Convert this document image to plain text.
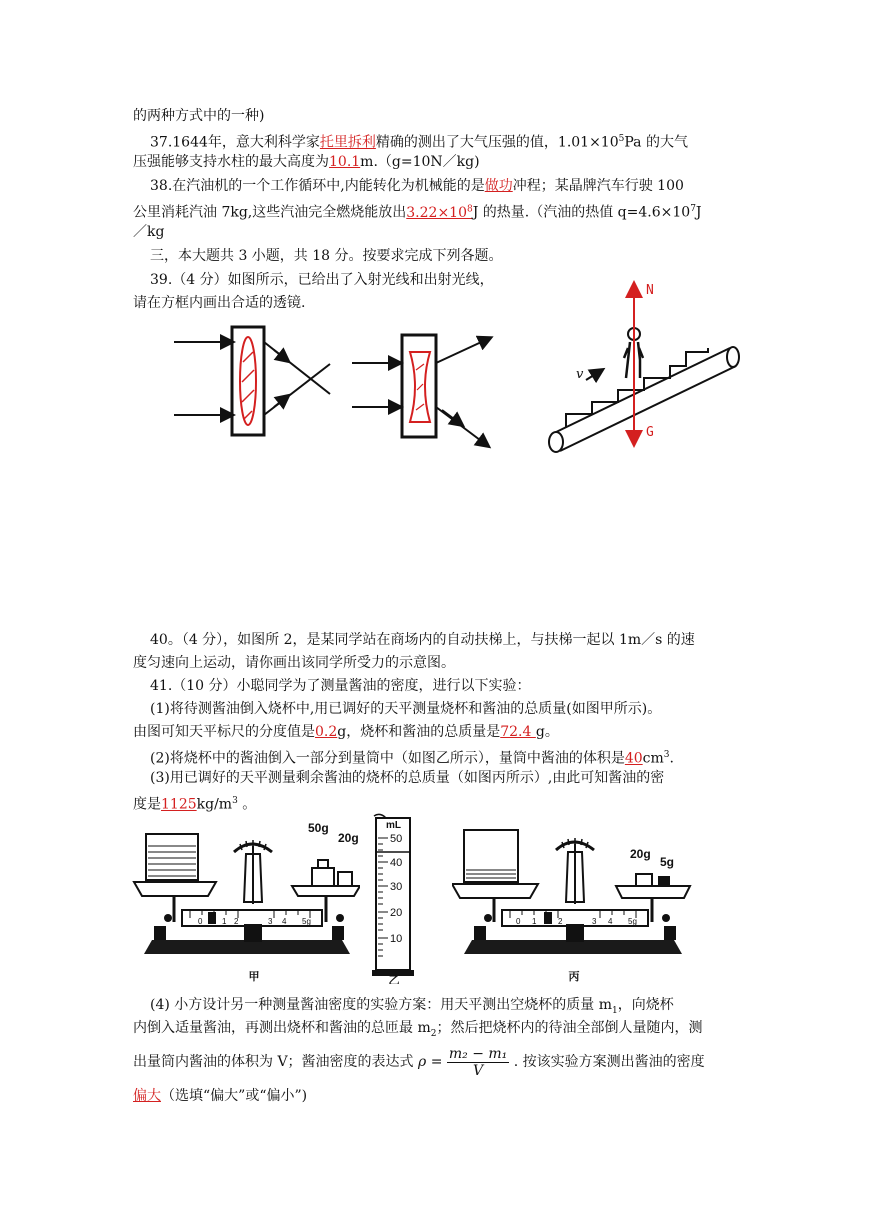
的两种方式中的一种)
37.1644年，意大利科学家托里拆利精确的测出了大气压强的值，$1.01\times 10^5Pa$ 的大气
压强能够支持水柱的最大高度为10.1m.（g=10N／kg)
38.在汽油机的一个工作循环中,内能转化为机械能的是做功冲程；某晶牌汽车行驶 100
公里消耗汽油 7kg,这些汽油完全燃烧能放出$3.22\times 10^8J$ 的热量.（汽油的热值 $q=4.6\times 10^7J$
／kg
三，本大题共 3 小题，共 18 分。按要求完成下列各题。
39.（4 分）如图所示，已给出了入射光线和出射光线，
请在方框内画出合适的透镜.
v
N
G
40。（4 分），如图所 2，是某同学站在商场内的自动扶梯上，与扶梯一起以 1m／s 的速
度匀速向上运动，请你画出该同学所受力的示意图。
41.（10 分）小聪同学为了测量酱油的密度，进行以下实验：
(1)将待测酱油倒入烧杯中,用已调好的天平测量烧杯和酱油的总质量(如图甲所示)。
由图可知天平标尺的分度值是0.2g，烧杯和酱油的总质量是72.4 g。
(2)将烧杯中的酱油倒入一部分到量筒中（如图乙所示），量筒中酱油的体积是$40cm^3$.
(3)用已调好的天平测量剩余酱油的烧杯的总质量（如图丙所示）,由此可知酱油的密
度是$1125kg/m^3$ 。
50g
20g
0 1 2	3 4 5g
甲
mL
50
40
30
20
10
乙
20g
5g
0 1	2	3 4 5g
丙
(4) 小方设计另一种测量酱油密度的实验方案：用天平测出空烧杯的质量 $m_1$，向烧杯
内倒入适量酱油，再测出烧杯和酱油的总匝最 $m_2$；然后把烧杯内的待油全部倒人量随内，测
出量筒内酱油的体积为 V；酱油密度的表达式 $\rho = \frac{\text{m₂ − m₁}}{V}$ . 按该实验方案测出酱油的密度
偏大（选填“偏大”或“偏小”)
